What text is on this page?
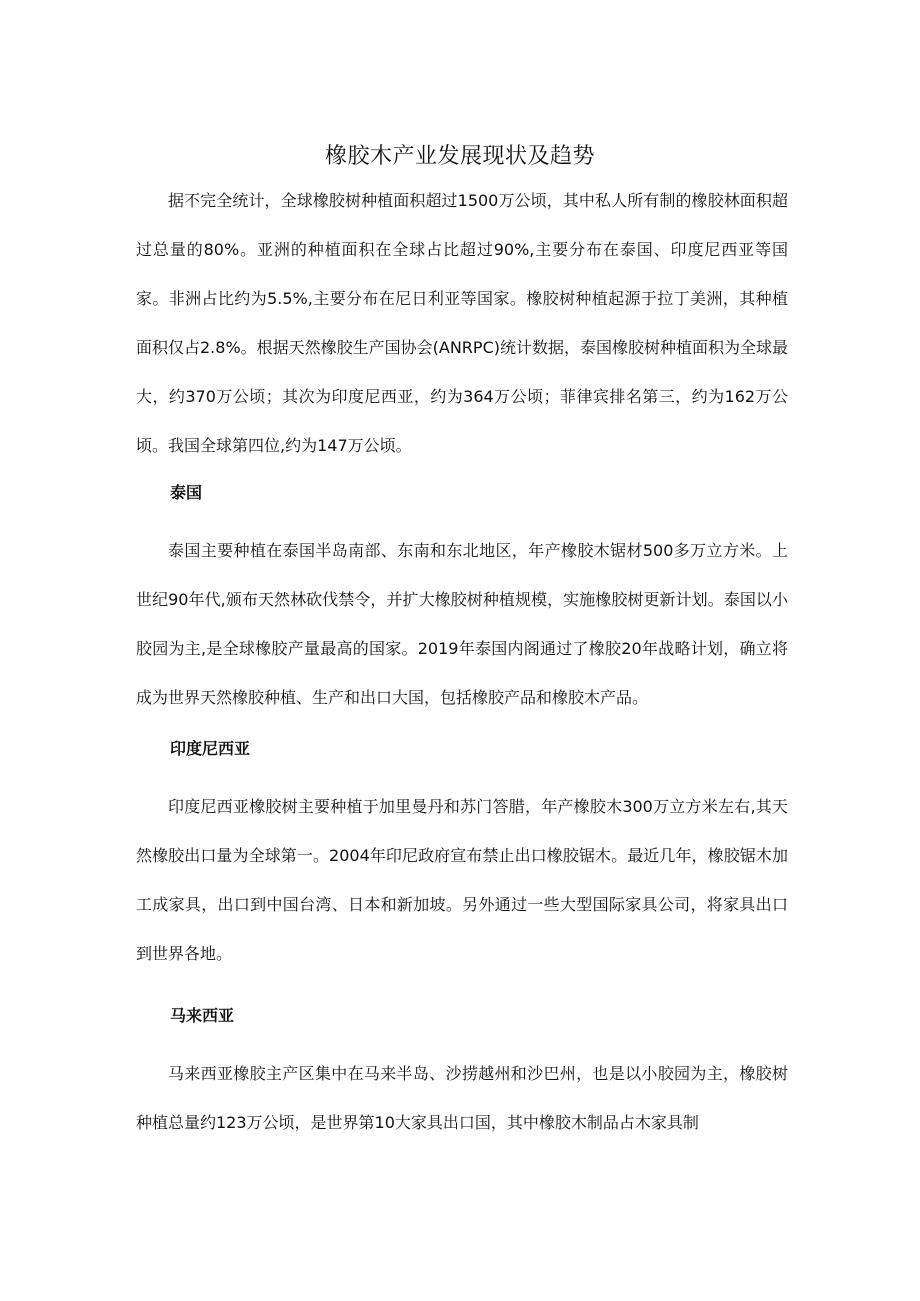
橡胶木产业发展现状及趋势

据不完全统计，全球橡胶树种植面积超过1500万公顷，其中私人所有制的橡胶林面积超过总量的80%。亚洲的种植面积在全球占比超过90%,主要分布在泰国、印度尼西亚等国家。非洲占比约为5.5%,主要分布在尼日利亚等国家。橡胶树种植起源于拉丁美洲，其种植面积仅占2.8%。根据天然橡胶生产国协会(ANRPC)统计数据，泰国橡胶树种植面积为全球最大，约370万公顷；其次为印度尼西亚，约为364万公顷；菲律宾排名第三，约为162万公顷。我国全球第四位,约为147万公顷。

泰国

泰国主要种植在泰国半岛南部、东南和东北地区，年产橡胶木锯材500多万立方米。上世纪90年代,颁布天然林砍伐禁令，并扩大橡胶树种植规模，实施橡胶树更新计划。泰国以小胶园为主,是全球橡胶产量最高的国家。2019年泰国内阁通过了橡胶20年战略计划，确立将成为世界天然橡胶种植、生产和出口大国，包括橡胶产品和橡胶木产品。

印度尼西亚

印度尼西亚橡胶树主要种植于加里曼丹和苏门答腊，年产橡胶木300万立方米左右,其天然橡胶出口量为全球第一。2004年印尼政府宣布禁止出口橡胶锯木。最近几年，橡胶锯木加工成家具，出口到中国台湾、日本和新加坡。另外通过一些大型国际家具公司，将家具出口到世界各地。

马来西亚

马来西亚橡胶主产区集中在马来半岛、沙捞越州和沙巴州，也是以小胶园为主，橡胶树种植总量约123万公顷，是世界第10大家具出口国，其中橡胶木制品占木家具制
